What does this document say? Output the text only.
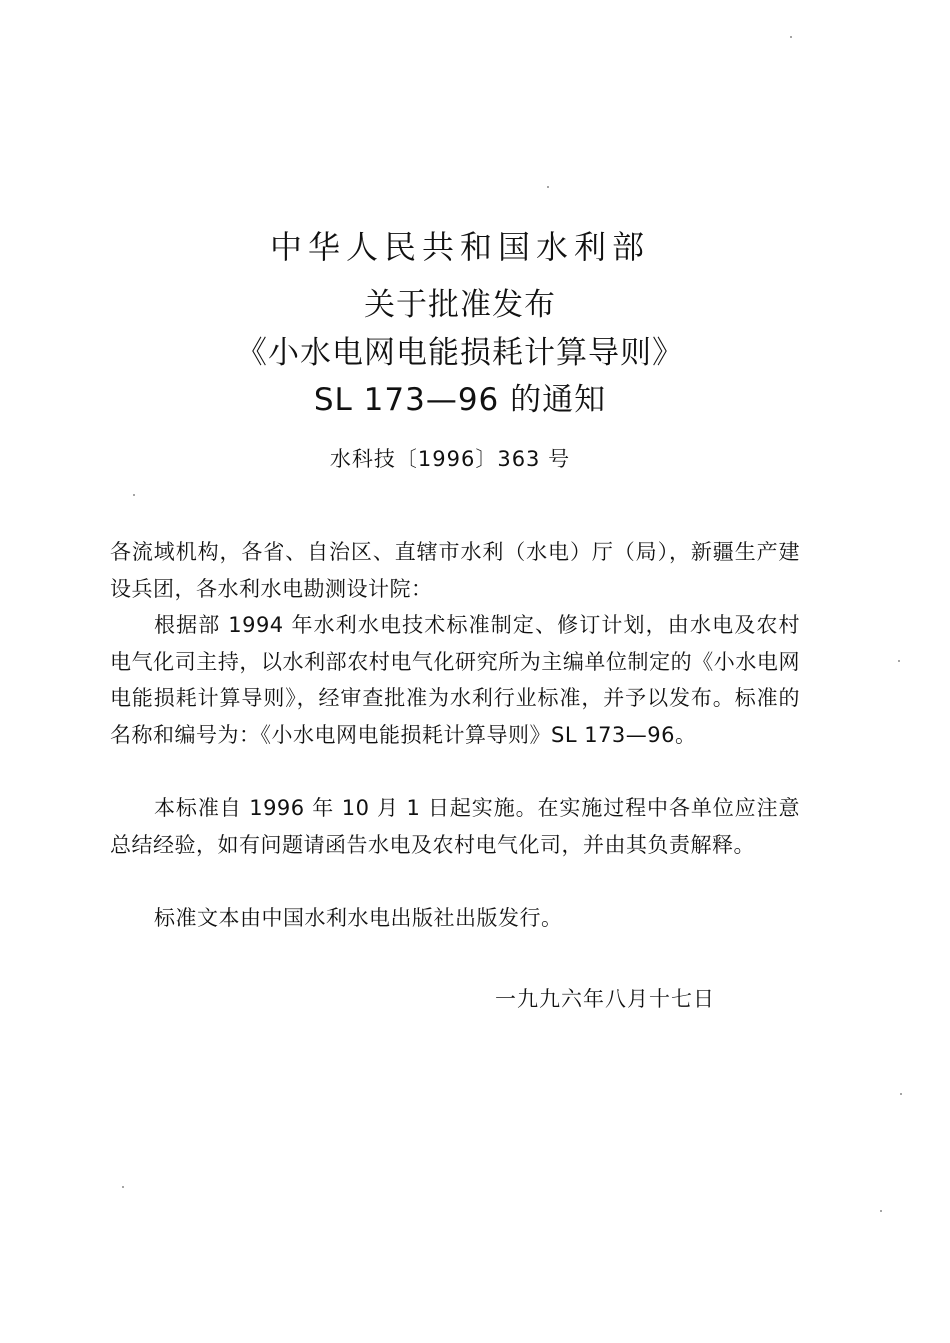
中华人民共和国水利部
关于批准发布
《小水电网电能损耗计算导则》
SL 173—96 的通知
水科技〔1996〕363 号
各流域机构，各省、自治区、直辖市水利（水电）厅（局），新疆生产建设兵团，各水利水电勘测设计院：
根据部 1994 年水利水电技术标准制定、修订计划，由水电及农村电气化司主持，以水利部农村电气化研究所为主编单位制定的《小水电网电能损耗计算导则》，经审查批准为水利行业标准，并予以发布。标准的名称和编号为：《小水电网电能损耗计算导则》SL 173—96。
本标准自 1996 年 10 月 1 日起实施。在实施过程中各单位应注意总结经验，如有问题请函告水电及农村电气化司，并由其负责解释。
标准文本由中国水利水电出版社出版发行。
一九九六年八月十七日
